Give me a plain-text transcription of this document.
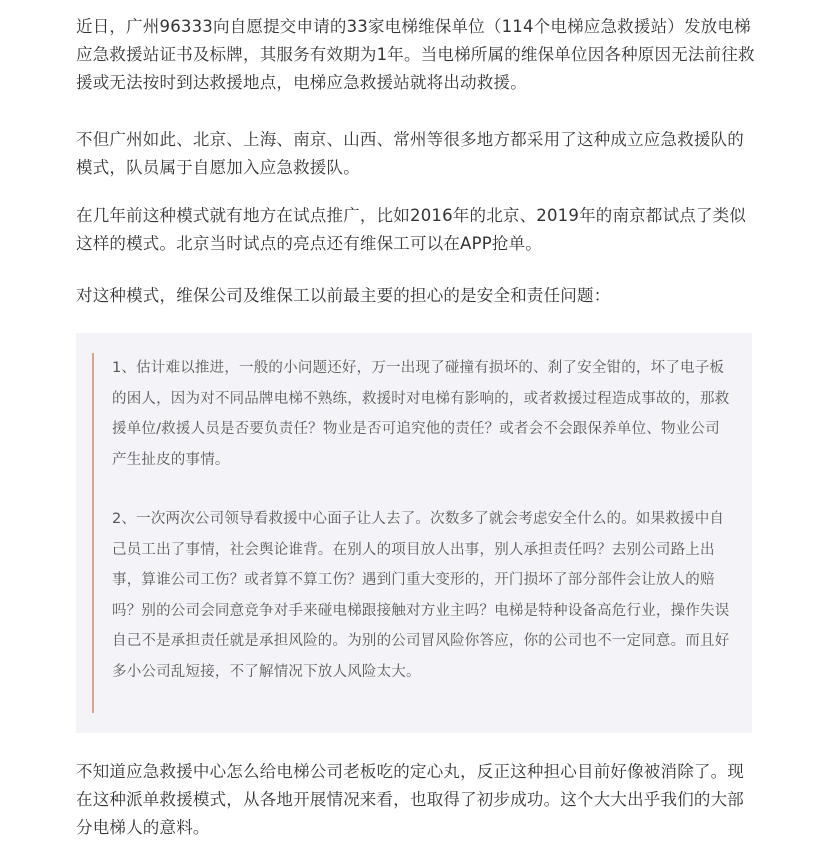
近日，广州96333向自愿提交申请的33家电梯维保单位（114个电梯应急救援站）发放电梯应急救援站证书及标牌，其服务有效期为1年。当电梯所属的维保单位因各种原因无法前往救援或无法按时到达救援地点，电梯应急救援站就将出动救援。

不但广州如此、北京、上海、南京、山西、常州等很多地方都采用了这种成立应急救援队的模式，队员属于自愿加入应急救援队。

在几年前这种模式就有地方在试点推广，比如2016年的北京、2019年的南京都试点了类似这样的模式。北京当时试点的亮点还有维保工可以在APP抢单。

对这种模式，维保公司及维保工以前最主要的担心的是安全和责任问题：

1、估计难以推进，一般的小问题还好，万一出现了碰撞有损坏的、刹了安全钳的，坏了电子板的困人，因为对不同品牌电梯不熟练，救援时对电梯有影响的，或者救援过程造成事故的，那救援单位/救援人员是否要负责任？物业是否可追究他的责任？或者会不会跟保养单位、物业公司产生扯皮的事情。

2、一次两次公司领导看救援中心面子让人去了。次数多了就会考虑安全什么的。如果救援中自己员工出了事情，社会舆论谁背。在别人的项目放人出事，别人承担责任吗？去别公司路上出事，算谁公司工伤？或者算不算工伤？遇到门重大变形的，开门损坏了部分部件会让放人的赔吗？别的公司会同意竞争对手来碰电梯跟接触对方业主吗？电梯是特种设备高危行业，操作失误自己不是承担责任就是承担风险的。为别的公司冒风险你答应，你的公司也不一定同意。而且好多小公司乱短接，不了解情况下放人风险太大。

不知道应急救援中心怎么给电梯公司老板吃的定心丸，反正这种担心目前好像被消除了。现在这种派单救援模式，从各地开展情况来看，也取得了初步成功。这个大大出乎我们的大部分电梯人的意料。
